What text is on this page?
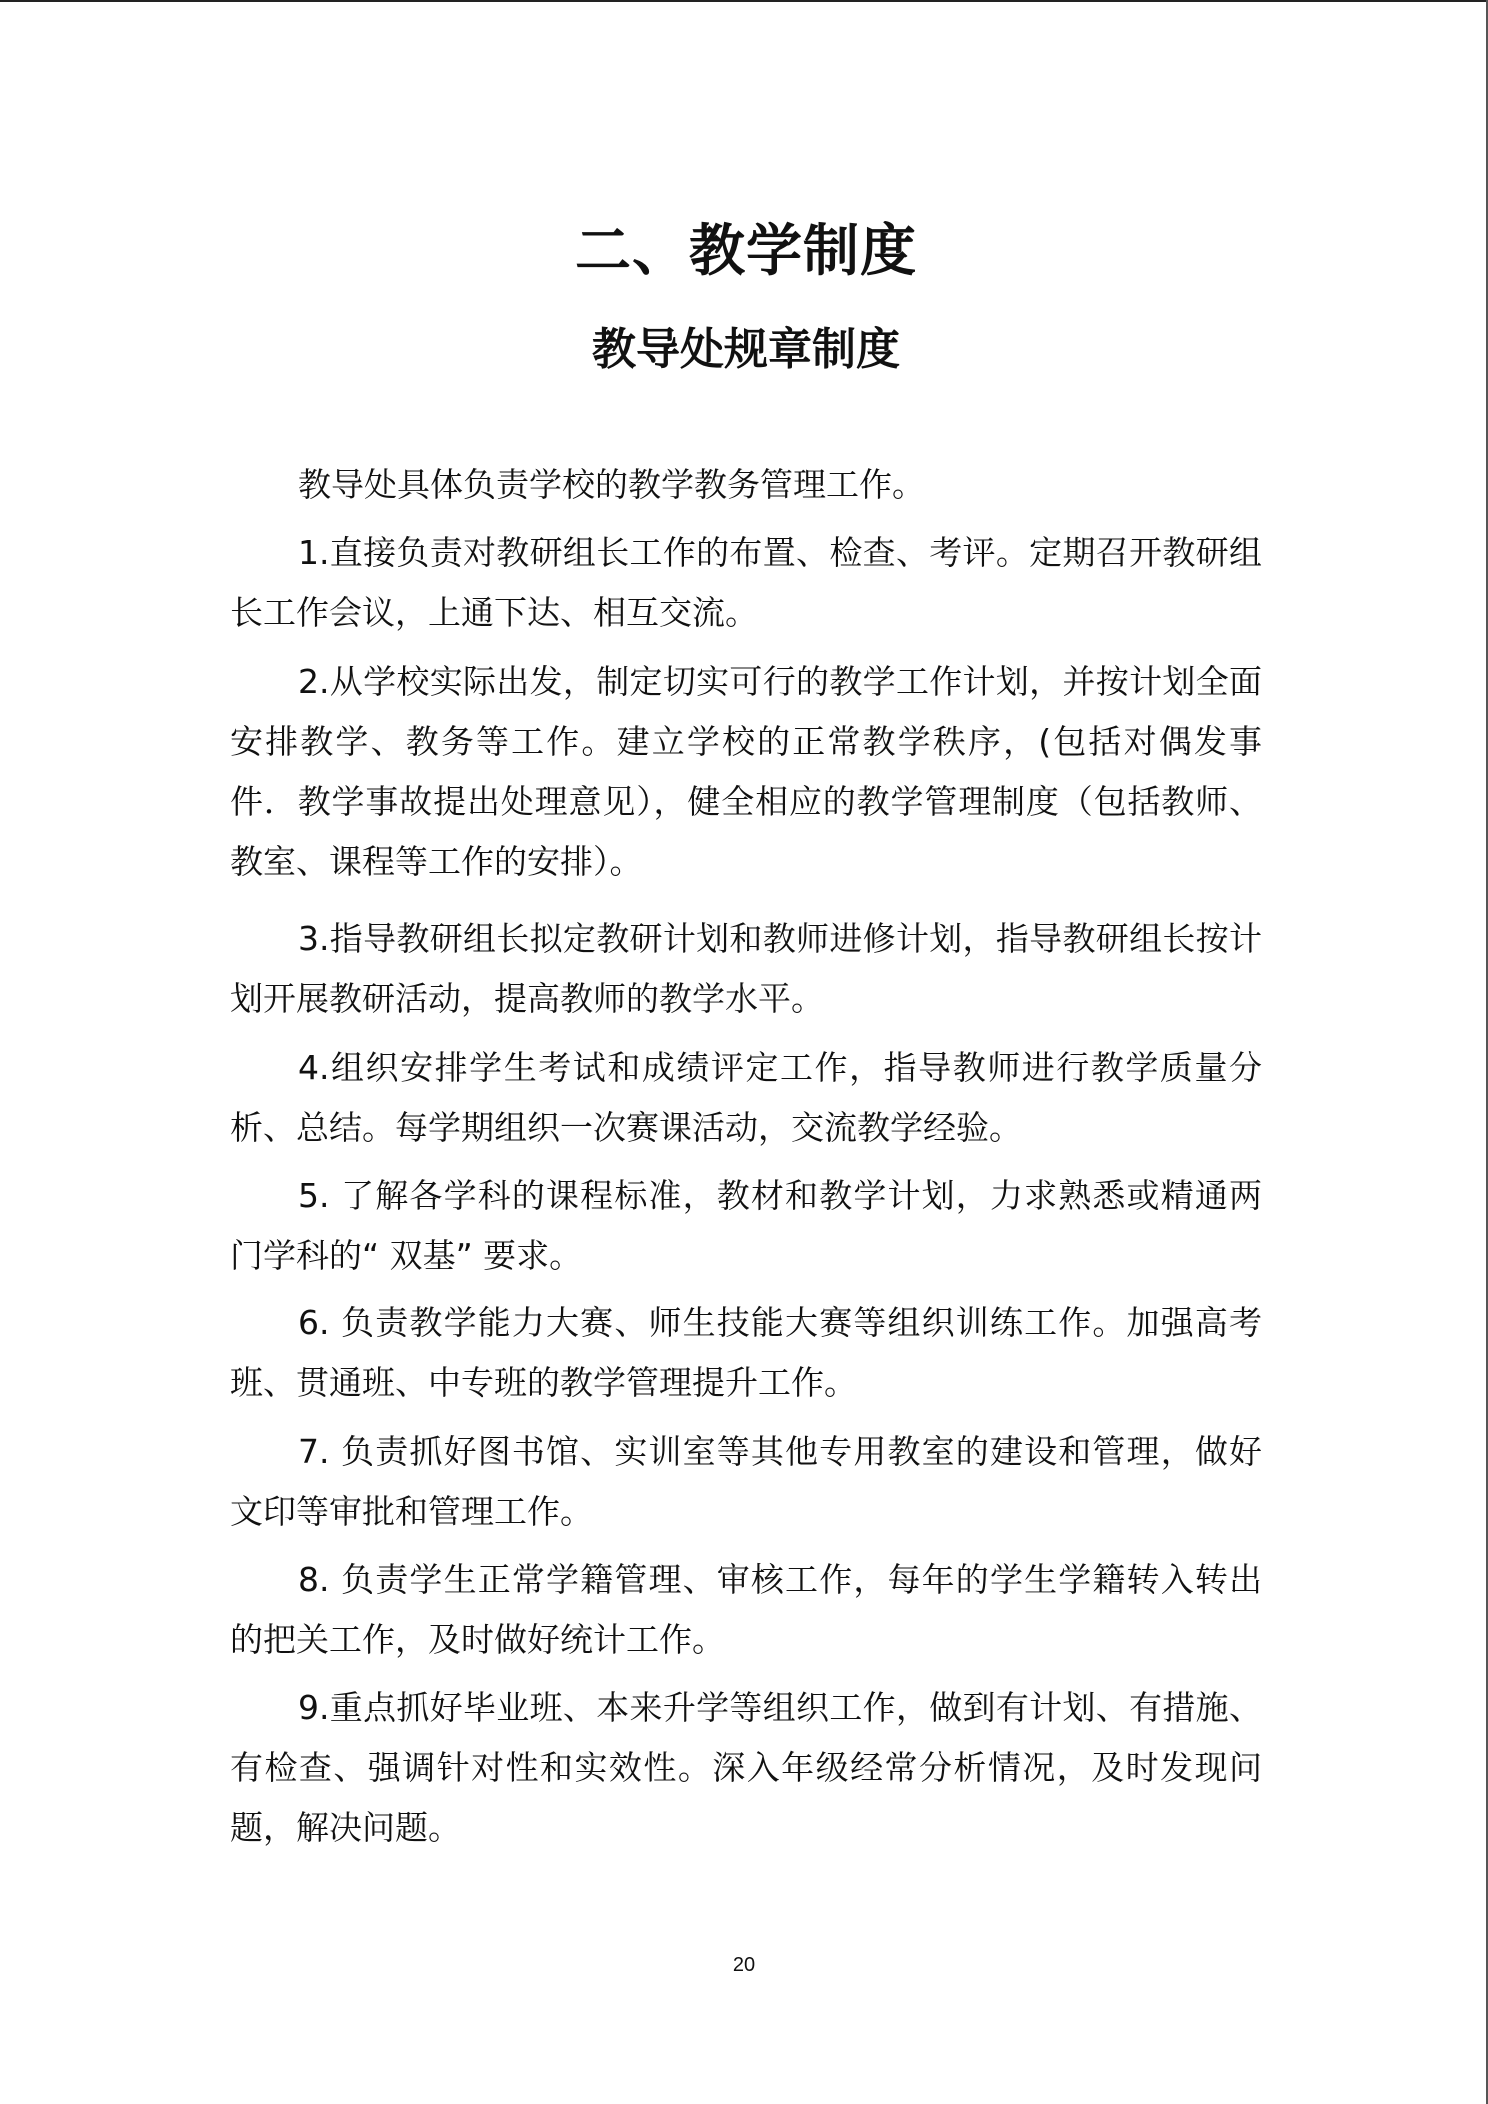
二、教学制度
教导处规章制度

教导处具体负责学校的教学教务管理工作。

1.直接负责对教研组长工作的布置、检查、考评。定期召开教研组长工作会议，上通下达、相互交流。

2.从学校实际出发，制定切实可行的教学工作计划，并按计划全面安排教学、教务等工作。建立学校的正常教学秩序，(包括对偶发事件．教学事故提出处理意见），健全相应的教学管理制度（包括教师、教室、课程等工作的安排）。

3.指导教研组长拟定教研计划和教师进修计划，指导教研组长按计划开展教研活动，提高教师的教学水平。

4.组织安排学生考试和成绩评定工作，指导教师进行教学质量分析、总结。每学期组织一次赛课活动，交流教学经验。

5. 了解各学科的课程标准，教材和教学计划，力求熟悉或精通两门学科的“ 双基” 要求。

6. 负责教学能力大赛、师生技能大赛等组织训练工作。加强高考班、贯通班、中专班的教学管理提升工作。

7. 负责抓好图书馆、实训室等其他专用教室的建设和管理，做好文印等审批和管理工作。

8. 负责学生正常学籍管理、审核工作，每年的学生学籍转入转出的把关工作，及时做好统计工作。

9.重点抓好毕业班、本来升学等组织工作，做到有计划、有措施、有检查、强调针对性和实效性。深入年级经常分析情况，及时发现问题，解决问题。

20
